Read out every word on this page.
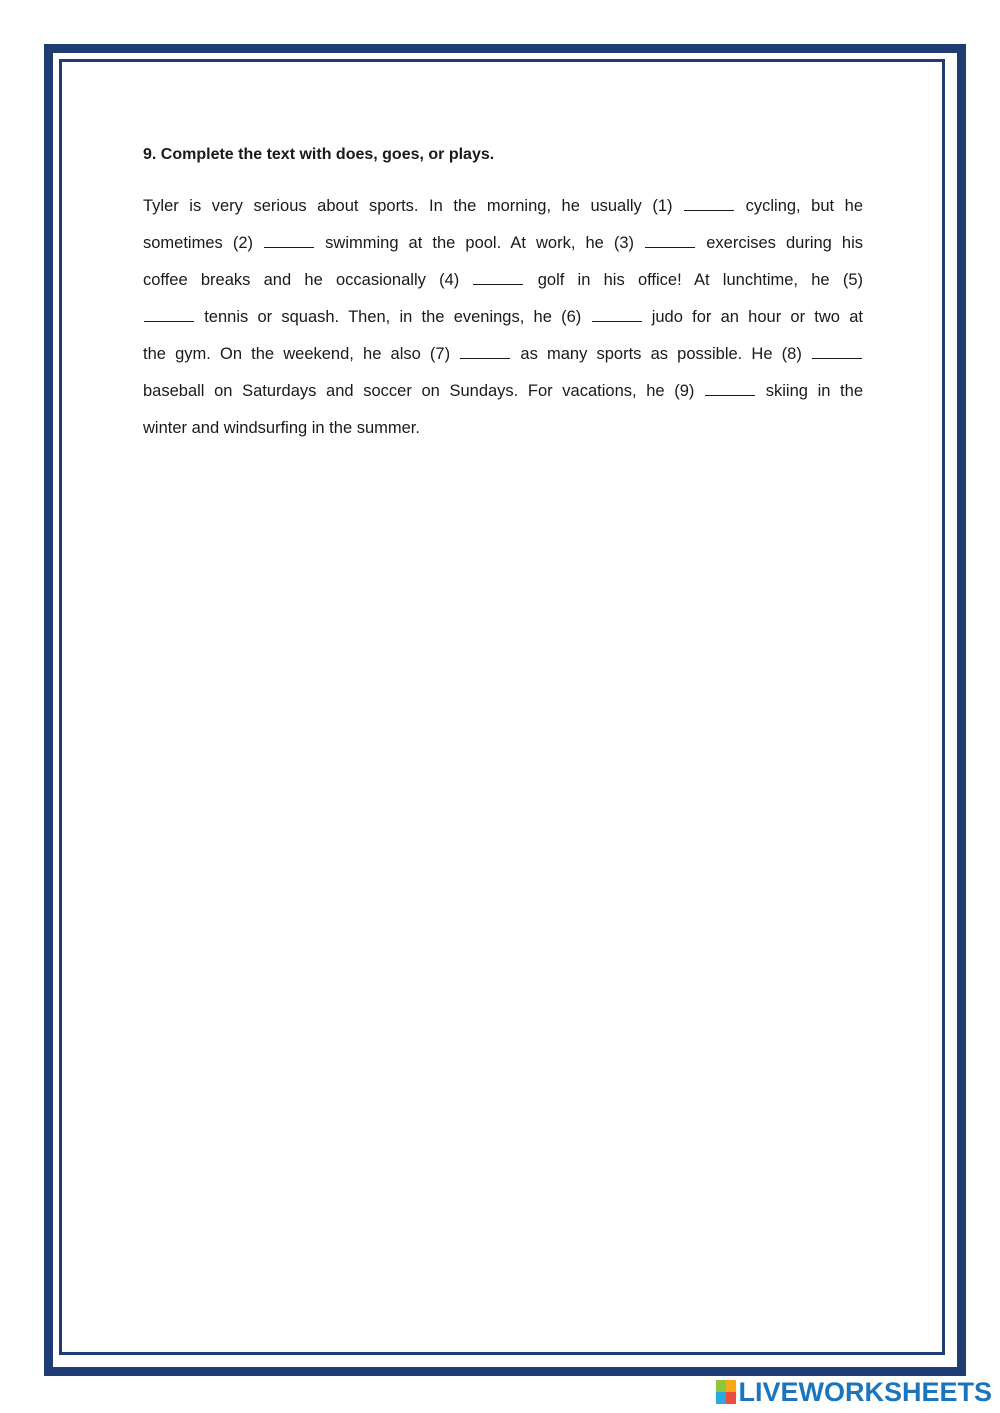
9. Complete the text with does, goes, or plays.

Tyler is very serious about sports. In the morning, he usually (1)	cycling, but he
sometimes (2)	swimming at the pool. At work, he (3)	exercises during his
coffee breaks and he occasionally (4)	golf in his office! At lunchtime, he (5)
tennis or squash. Then, in the evenings, he (6)	judo for an hour or two at
the gym. On the weekend, he also (7)	as many sports as possible. He (8)
baseball on Saturdays and soccer on Sundays. For vacations, he (9)	skiing in the
winter and windsurfing in the summer.
LIVEWORKSHEETS
